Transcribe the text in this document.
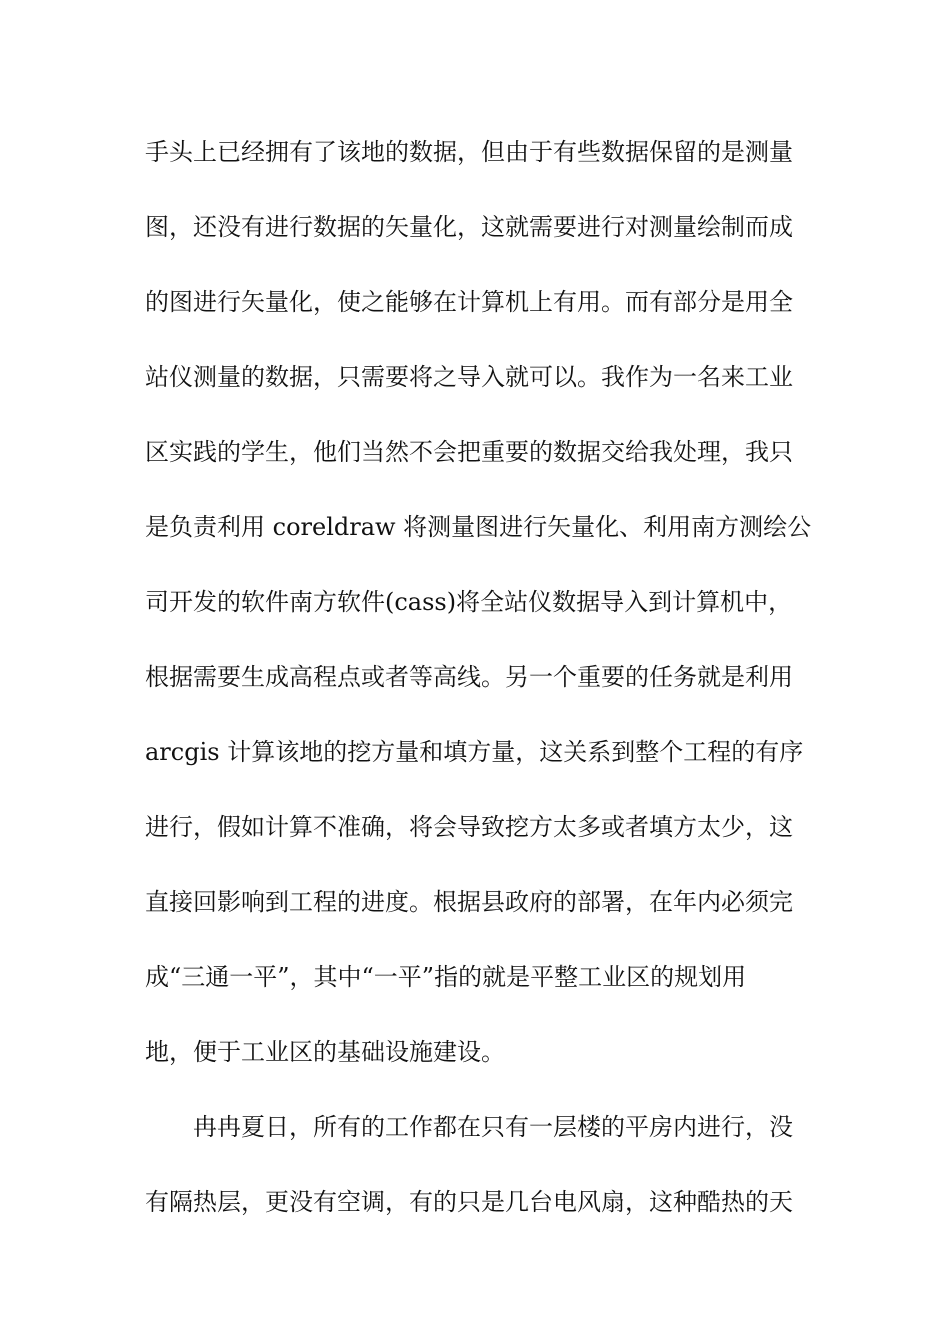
手头上已经拥有了该地的数据，但由于有些数据保留的是测量
图，还没有进行数据的矢量化，这就需要进行对测量绘制而成
的图进行矢量化，使之能够在计算机上有用。而有部分是用全
站仪测量的数据，只需要将之导入就可以。我作为一名来工业
区实践的学生，他们当然不会把重要的数据交给我处理，我只
是负责利用 coreldraw 将测量图进行矢量化、利用南方测绘公
司开发的软件南方软件(cass)将全站仪数据导入到计算机中，
根据需要生成高程点或者等高线。另一个重要的任务就是利用
arcgis 计算该地的挖方量和填方量，这关系到整个工程的有序
进行，假如计算不准确，将会导致挖方太多或者填方太少，这
直接回影响到工程的进度。根据县政府的部署，在年内必须完
成“三通一平”，其中“一平”指的就是平整工业区的规划用
地，便于工业区的基础设施建设。
冉冉夏日，所有的工作都在只有一层楼的平房内进行，没
有隔热层，更没有空调，有的只是几台电风扇，这种酷热的天
